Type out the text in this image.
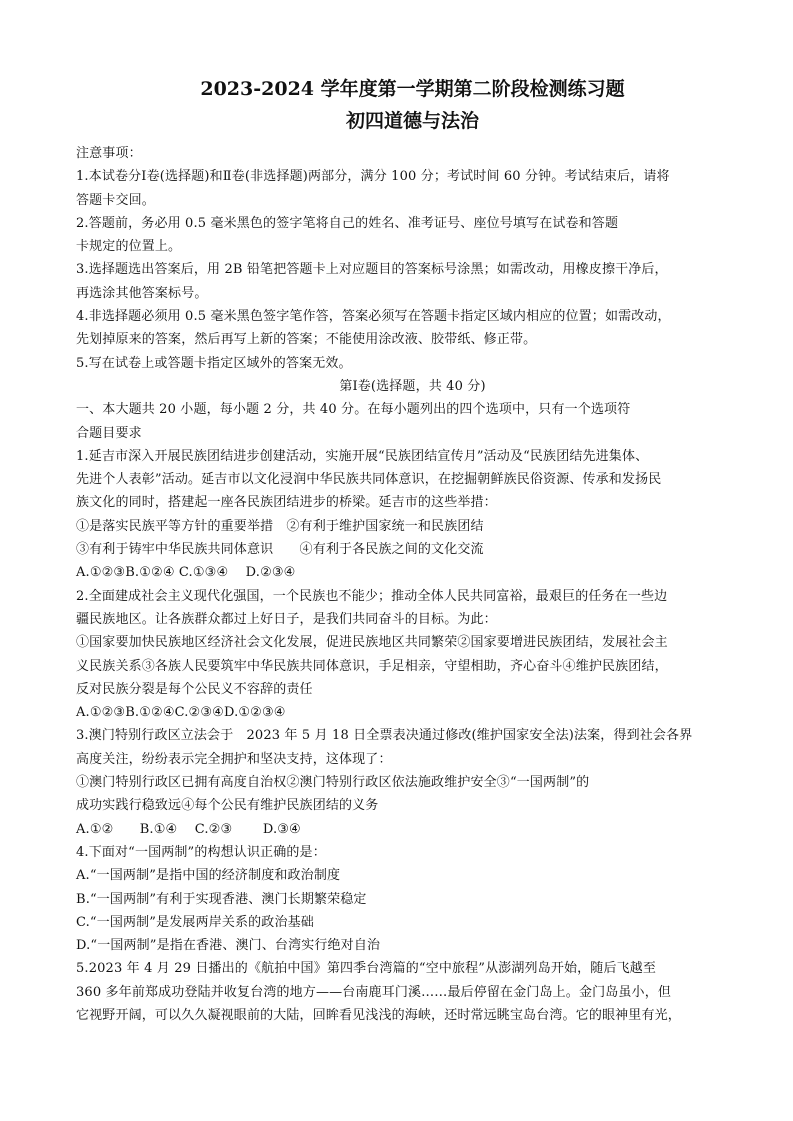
2023-2024 学年度第一学期第二阶段检测练习题
初四道德与法治
注意事项：
1.本试卷分Ⅰ卷(选择题)和Ⅱ卷(非选择题)两部分，满分 100 分；考试时间 60 分钟。考试结束后，请将
答题卡交回。
2.答题前，务必用 0.5 毫米黑色的签字笔将自己的姓名、准考证号、座位号填写在试卷和答题
卡规定的位置上。
3.选择题选出答案后，用 2B 铅笔把答题卡上对应题目的答案标号涂黑；如需改动，用橡皮擦干净后，
再选涂其他答案标号。
4.非选择题必须用 0.5 毫米黑色签字笔作答，答案必须写在答题卡指定区域内相应的位置；如需改动，
先划掉原来的答案，然后再写上新的答案；不能使用涂改液、胶带纸、修正带。
5.写在试卷上或答题卡指定区域外的答案无效。
第Ⅰ卷(选择题，共 40 分)
一、本大题共 20 小题，每小题 2 分，共 40 分。在每小题列出的四个选项中，只有一个选项符
合题目要求
1.延吉市深入开展民族团结进步创建活动，实施开展“民族团结宣传月”活动及“民族团结先进集体、
先进个人表彰”活动。延吉市以文化浸润中华民族共同体意识，在挖掘朝鲜族民俗资源、传承和发扬民
族文化的同时，搭建起一座各民族团结进步的桥梁。延吉市的这些举措：
①是落实民族平等方针的重要举措　②有利于维护国家统一和民族团结
③有利于铸牢中华民族共同体意识　　④有利于各民族之间的文化交流
A.①②③B.①②④ C.①③④　 D.②③④
2.全面建成社会主义现代化强国，一个民族也不能少；推动全体人民共同富裕，最艰巨的任务在一些边
疆民族地区。让各族群众都过上好日子，是我们共同奋斗的目标。为此：
①国家要加快民族地区经济社会文化发展，促进民族地区共同繁荣②国家要增进民族团结，发展社会主
义民族关系③各族人民要筑牢中华民族共同体意识，手足相亲，守望相助，齐心奋斗④维护民族团结，
反对民族分裂是每个公民义不容辞的责任
A.①②③B.①②④C.②③④D.①②③④
3.澳门特别行政区立法会于　2023 年 5 月 18 日全票表决通过修改(维护国家安全法)法案，得到社会各界
高度关注，纷纷表示完全拥护和坚决支持，这体现了：
①澳门特别行政区已拥有高度自治权②澳门特别行政区依法施政维护安全③“一国两制”的
成功实践行稳致远④每个公民有维护民族团结的义务
A.①②　　B.①④　 C.②③　　 D.③④
4.下面对“一国两制”的构想认识正确的是：
A.“一国两制”是指中国的经济制度和政治制度
B.“一国两制”有利于实现香港、澳门长期繁荣稳定
C.“一国两制”是发展两岸关系的政治基础
D.“一国两制”是指在香港、澳门、台湾实行绝对自治
5.2023 年 4 月 29 日播出的《航拍中国》第四季台湾篇的“空中旅程”从澎湖列岛开始，随后飞越至
360 多年前郑成功登陆并收复台湾的地方——台南鹿耳门溪……最后停留在金门岛上。金门岛虽小，但
它视野开阔，可以久久凝视眼前的大陆，回眸看见浅浅的海峡，还时常远眺宝岛台湾。它的眼神里有光，
